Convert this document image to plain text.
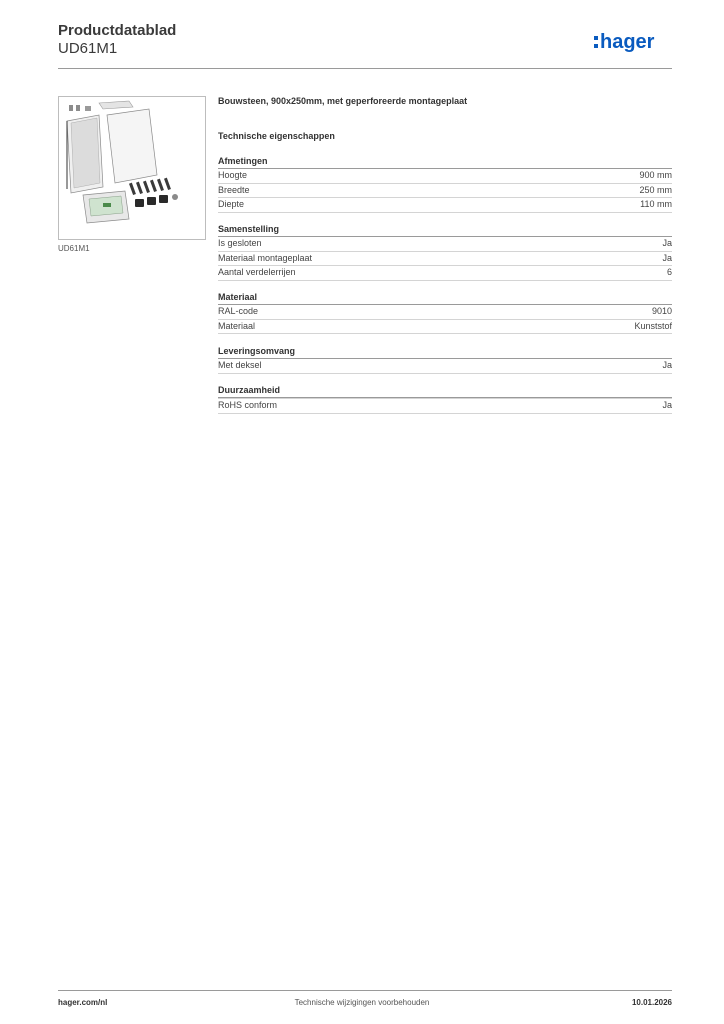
Productdatablad
UD61M1	hager
UD61M1
Bouwsteen, 900x250mm, met geperforeerde montageplaat
Technische eigenschappen
Afmetingen
Hoogte	900 mm
Breedte	250 mm
Diepte	110 mm
Samenstelling
Is gesloten	Ja
Materiaal montageplaat	Ja
Aantal verdelerrijen	6
Materiaal
RAL-code	9010
Materiaal	Kunststof
Leveringsomvang
Met deksel	Ja
Duurzaamheid
RoHS conform	Ja
hager.com/nl	Technische wijzigingen voorbehouden	10.01.2026
